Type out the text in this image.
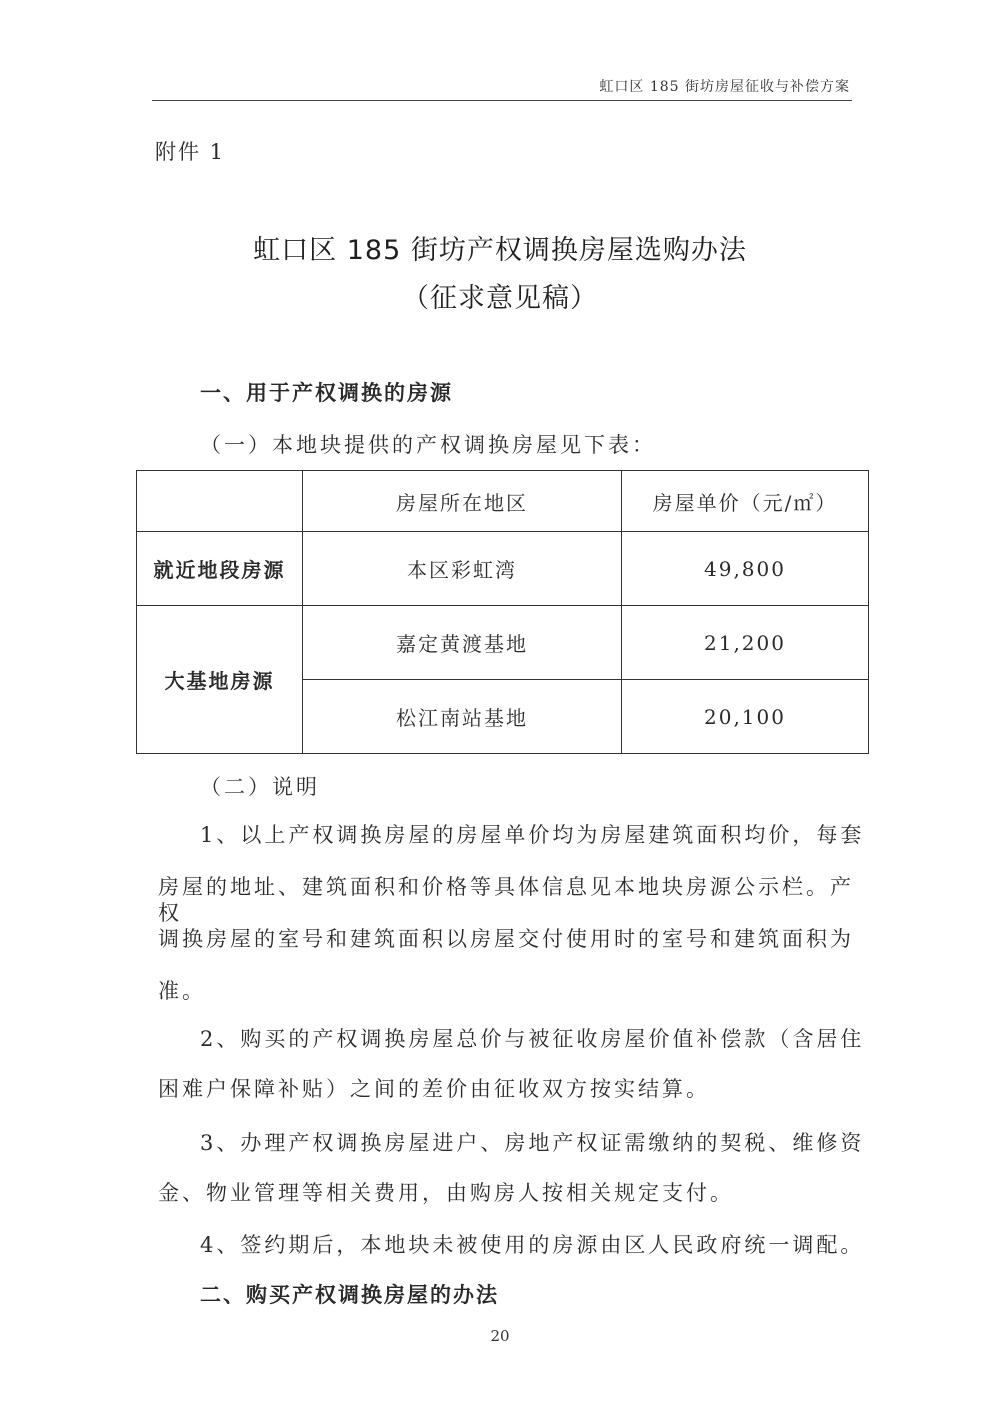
虹口区 185 街坊房屋征收与补偿方案
附件 1
虹口区 185 街坊产权调换房屋选购办法
（征求意见稿）
一、用于产权调换的房源
（一）本地块提供的产权调换房屋见下表：
	房屋所在地区	房屋单价（元/㎡）
就近地段房源	本区彩虹湾	49,800
大基地房源	嘉定黄渡基地	21,200
	松江南站基地	20,100
（二）说明
1、以上产权调换房屋的房屋单价均为房屋建筑面积均价，每套
房屋的地址、建筑面积和价格等具体信息见本地块房源公示栏。产权
调换房屋的室号和建筑面积以房屋交付使用时的室号和建筑面积为
准。
2、购买的产权调换房屋总价与被征收房屋价值补偿款（含居住
困难户保障补贴）之间的差价由征收双方按实结算。
3、办理产权调换房屋进户、房地产权证需缴纳的契税、维修资
金、物业管理等相关费用，由购房人按相关规定支付。
4、签约期后，本地块未被使用的房源由区人民政府统一调配。
二、购买产权调换房屋的办法
20
